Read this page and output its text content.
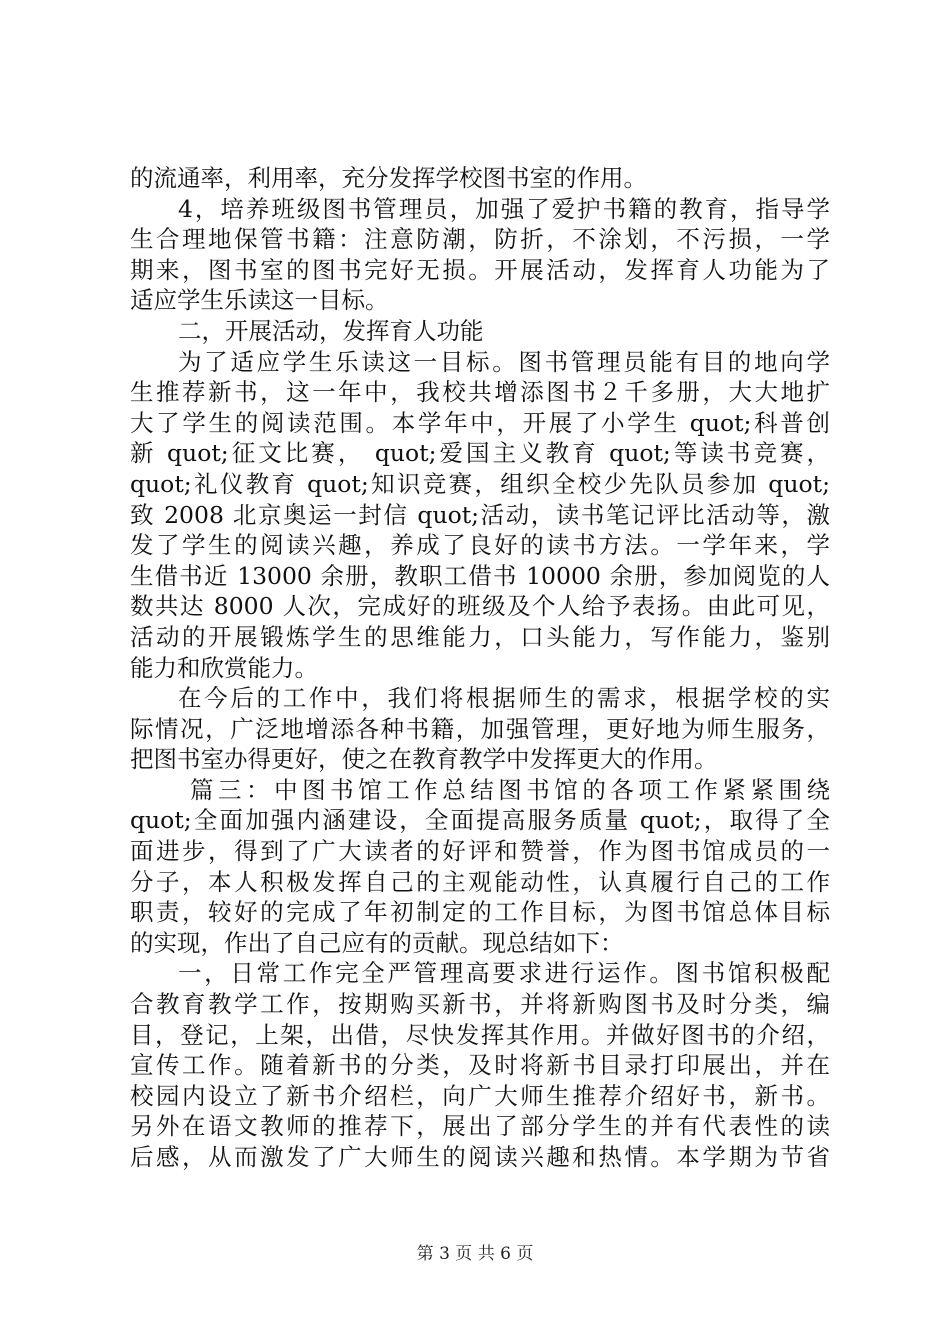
的流通率，利用率，充分发挥学校图书室的作用。
4，培养班级图书管理员，加强了爱护书籍的教育，指导学
生合理地保管书籍：注意防潮，防折，不涂划，不污损，一学
期来，图书室的图书完好无损。开展活动，发挥育人功能为了
适应学生乐读这一目标。
二，开展活动，发挥育人功能
为了适应学生乐读这一目标。图书管理员能有目的地向学
生推荐新书，这一年中，我校共增添图书２千多册，大大地扩
大了学生的阅读范围。本学年中，开展了小学生 quot;科普创
新 quot;征文比赛， quot;爱国主义教育 quot;等读书竞赛，
quot;礼仪教育 quot;知识竞赛，组织全校少先队员参加 quot;
致 2008 北京奥运一封信 quot;活动，读书笔记评比活动等，激
发了学生的阅读兴趣，养成了良好的读书方法。一学年来，学
生借书近 13000 余册，教职工借书 10000 余册，参加阅览的人
数共达 8000 人次，完成好的班级及个人给予表扬。由此可见，
活动的开展锻炼学生的思维能力，口头能力，写作能力，鉴别
能力和欣赏能力。
在今后的工作中，我们将根据师生的需求，根据学校的实
际情况，广泛地增添各种书籍，加强管理，更好地为师生服务，
把图书室办得更好，使之在教育教学中发挥更大的作用。
篇三：中图书馆工作总结图书馆的各项工作紧紧围绕
quot;全面加强内涵建设，全面提高服务质量 quot;，取得了全
面进步，得到了广大读者的好评和赞誉，作为图书馆成员的一
分子，本人积极发挥自己的主观能动性，认真履行自己的工作
职责，较好的完成了年初制定的工作目标，为图书馆总体目标
的实现，作出了自己应有的贡献。现总结如下：
一，日常工作完全严管理高要求进行运作。图书馆积极配
合教育教学工作，按期购买新书，并将新购图书及时分类，编
目，登记，上架，出借，尽快发挥其作用。并做好图书的介绍，
宣传工作。随着新书的分类，及时将新书目录打印展出，并在
校园内设立了新书介绍栏，向广大师生推荐介绍好书，新书。
另外在语文教师的推荐下，展出了部分学生的并有代表性的读
后感，从而激发了广大师生的阅读兴趣和热情。本学期为节省
第 3 页 共 6 页
